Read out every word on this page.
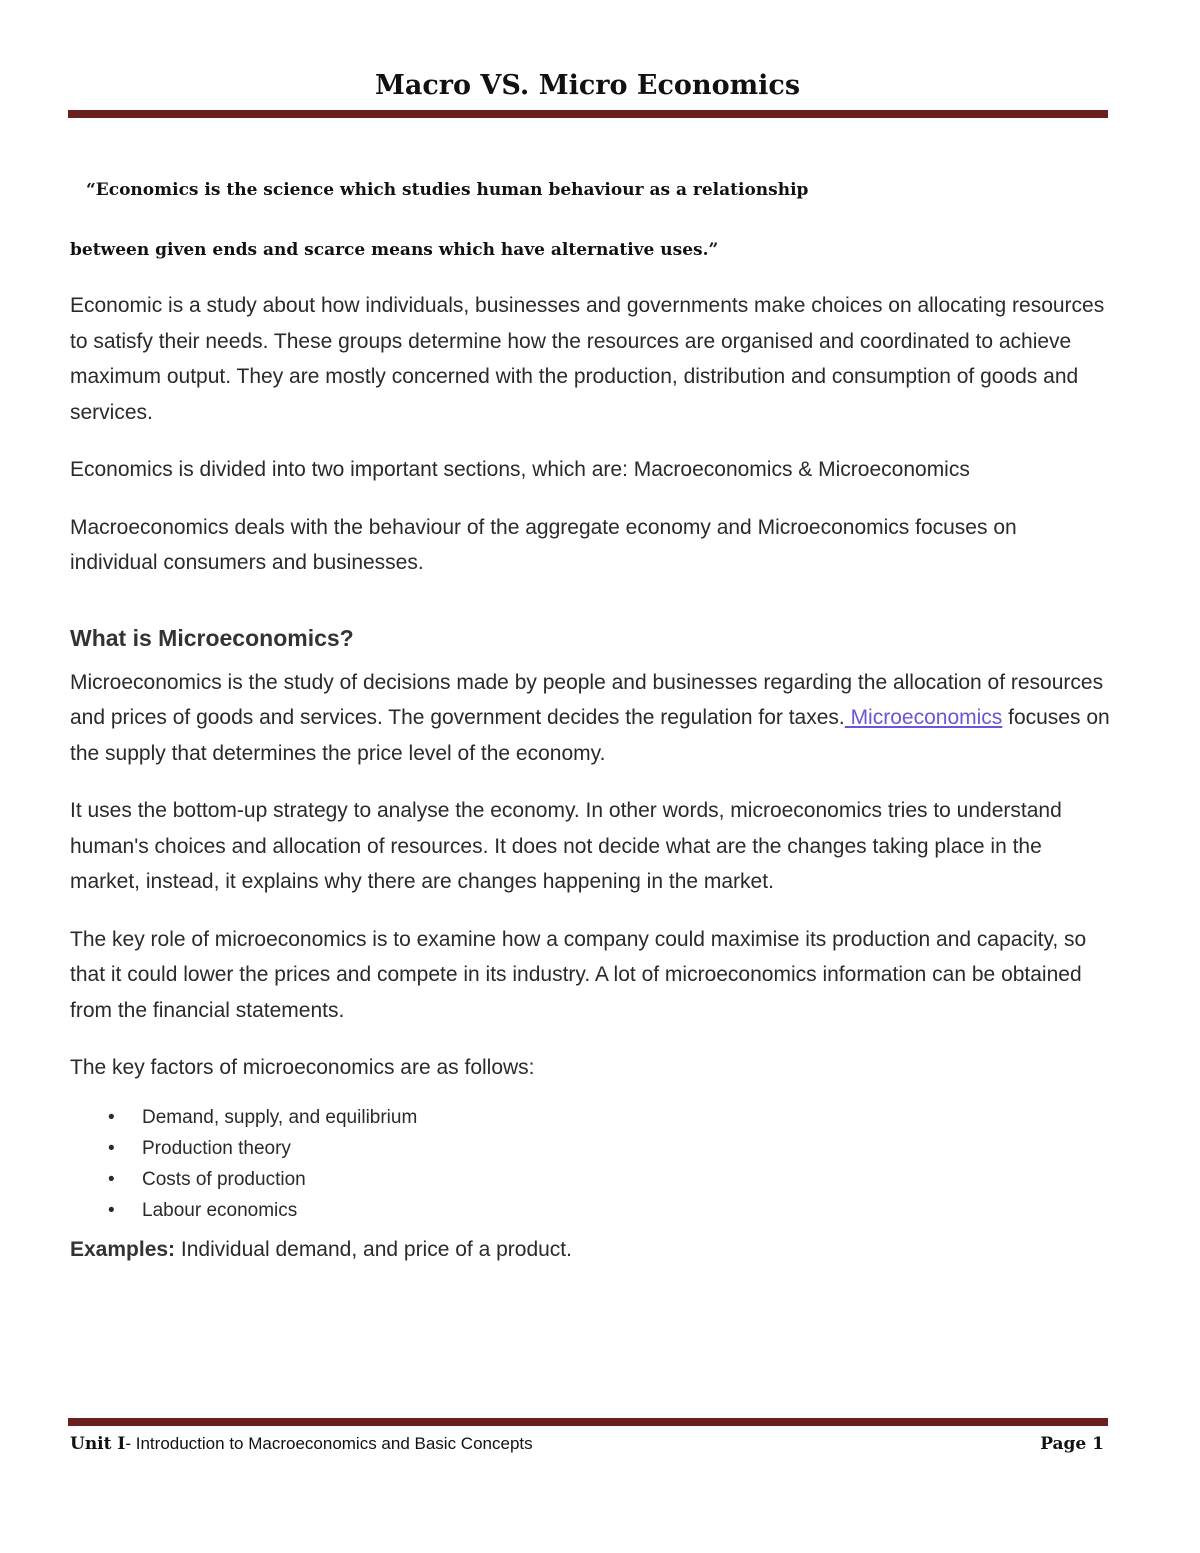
Macro VS. Micro Economics
“Economics is the science which studies human behaviour as a relationship
between given ends and scarce means which have alternative uses.”

Economic is a study about how individuals, businesses and governments make choices on allocating resources to satisfy their needs. These groups determine how the resources are organised and coordinated to achieve maximum output. They are mostly concerned with the production, distribution and consumption of goods and services.

Economics is divided into two important sections, which are: Macroeconomics & Microeconomics

Macroeconomics deals with the behaviour of the aggregate economy and Microeconomics focuses on individual consumers and businesses.

What is Microeconomics?

Microeconomics is the study of decisions made by people and businesses regarding the allocation of resources and prices of goods and services. The government decides the regulation for taxes. Microeconomics focuses on the supply that determines the price level of the economy.

It uses the bottom-up strategy to analyse the economy. In other words, microeconomics tries to understand human's choices and allocation of resources. It does not decide what are the changes taking place in the market, instead, it explains why there are changes happening in the market.

The key role of microeconomics is to examine how a company could maximise its production and capacity, so that it could lower the prices and compete in its industry. A lot of microeconomics information can be obtained from the financial statements.

The key factors of microeconomics are as follows:

• Demand, supply, and equilibrium
• Production theory
• Costs of production
• Labour economics

Examples: Individual demand, and price of a product.

Unit I- Introduction to Macroeconomics and Basic Concepts	Page 1
